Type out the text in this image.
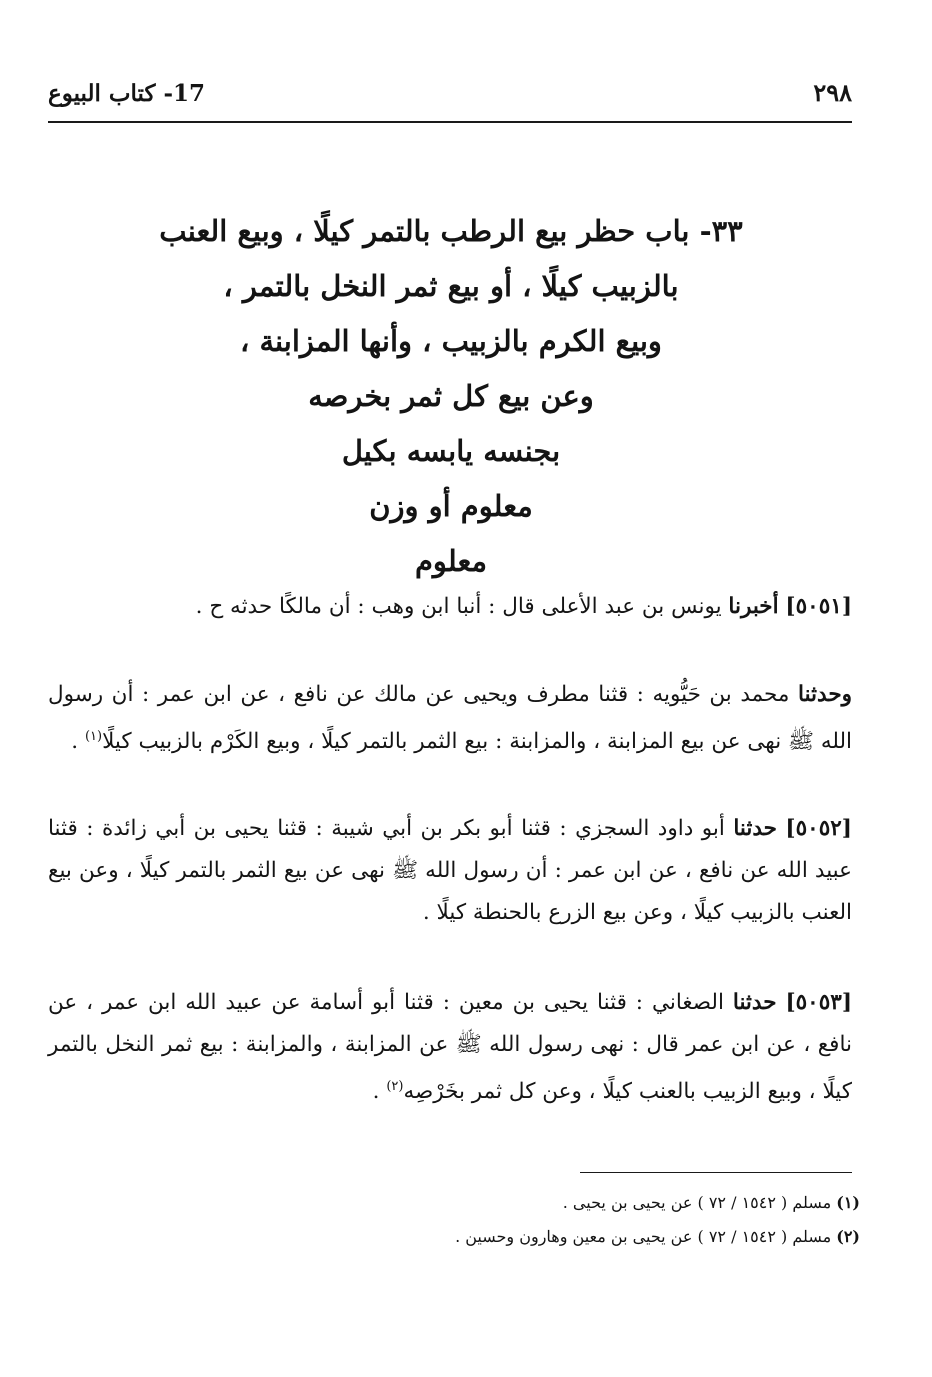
٢٩٨
17- كتاب البيوع
٣٣- باب حظر بيع الرطب بالتمر كيلًا ، وبيع العنب
بالزبيب كيلًا ، أو بيع ثمر النخل بالتمر ،
وبيع الكرم بالزبيب ، وأنها المزابنة ،
وعن بيع كل ثمر بخرصه
بجنسه يابسه بكيل
معلوم أو وزن
معلوم

[٥٠٥١] أخبرنا يونس بن عبد الأعلى قال : أنبا ابن وهب : أن مالكًا حدثه ح .

وحدثنا محمد بن حَيُّويه : قثنا مطرف ويحيى عن مالك عن نافع ، عن ابن عمر : أن رسول الله ﷺ نهى عن بيع المزابنة ، والمزابنة : بيع الثمر بالتمر كيلًا ، وبيع الكَرْم بالزبيب كيلًا$^{(١)}$ .

[٥٠٥٢] حدثنا أبو داود السجزي : قثنا أبو بكر بن أبي شيبة : قثنا يحيى بن أبي زائدة : قثنا عبيد الله عن نافع ، عن ابن عمر : أن رسول الله ﷺ نهى عن بيع الثمر بالتمر كيلًا ، وعن بيع العنب بالزبيب كيلًا ، وعن بيع الزرع بالحنطة كيلًا .

[٥٠٥٣] حدثنا الصغاني : قثنا يحيى بن معين : قثنا أبو أسامة عن عبيد الله ابن عمر ، عن نافع ، عن ابن عمر قال : نهى رسول الله ﷺ عن المزابنة ، والمزابنة : بيع ثمر النخل بالتمر كيلًا ، وبيع الزبيب بالعنب كيلًا ، وعن كل ثمر بخَرْصِه$^{(٢)}$ .

(١) مسلم ( ١٥٤٢ / ٧٢ ) عن يحيى بن يحيى .
(٢) مسلم ( ١٥٤٢ / ٧٢ ) عن يحيى بن معين وهارون وحسين .
